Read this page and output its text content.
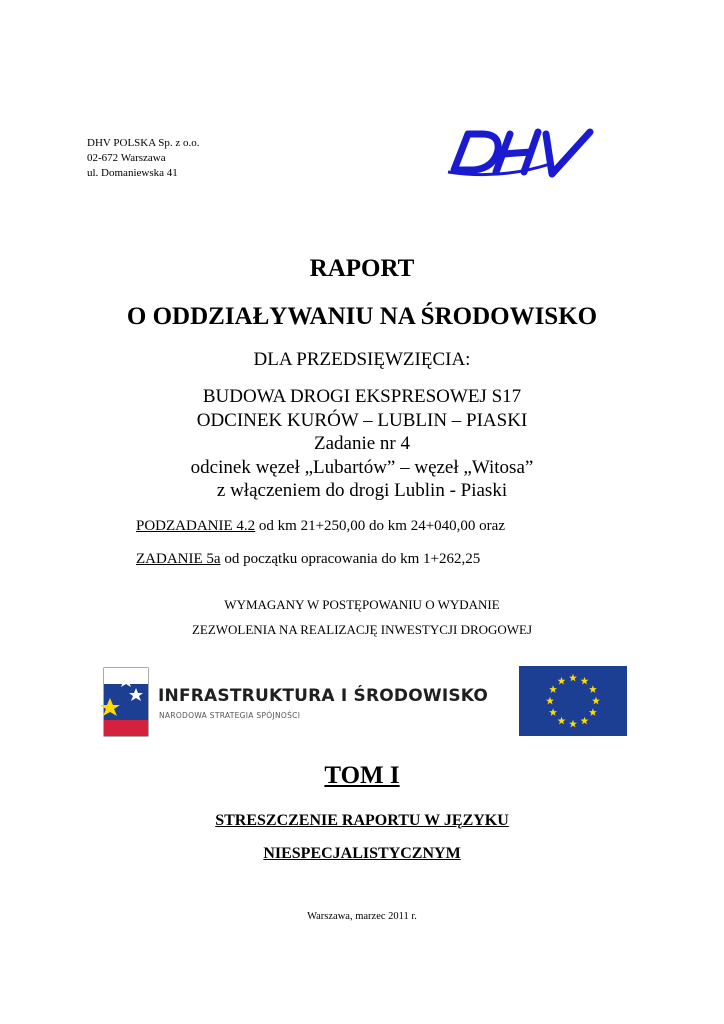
DHV POLSKA Sp. z o.o.
02-672 Warszawa
ul. Domaniewska 41
DHV
RAPORT
O ODDZIAŁYWANIU NA ŚRODOWISKO
DLA PRZEDSIĘWZIĘCIA:
BUDOWA DROGI EKSPRESOWEJ S17
ODCINEK KURÓW – LUBLIN – PIASKI
Zadanie nr 4
odcinek węzeł „Lubartów” – węzeł „Witosa”
z włączeniem do drogi Lublin - Piaski
PODZADANIE 4.2 od km 21+250,00 do km 24+040,00 oraz
ZADANIE 5a od początku opracowania do km 1+262,25
WYMAGANY W POSTĘPOWANIU O WYDANIE
ZEZWOLENIA NA REALIZACJĘ INWESTYCJI DROGOWEJ
INFRASTRUKTURA I ŚRODOWISKO
NARODOWA STRATEGIA SPÓJNOŚCI
TOM I
STRESZCZENIE RAPORTU W JĘZYKU
NIESPECJALISTYCZNYM
Warszawa, marzec 2011 r.
